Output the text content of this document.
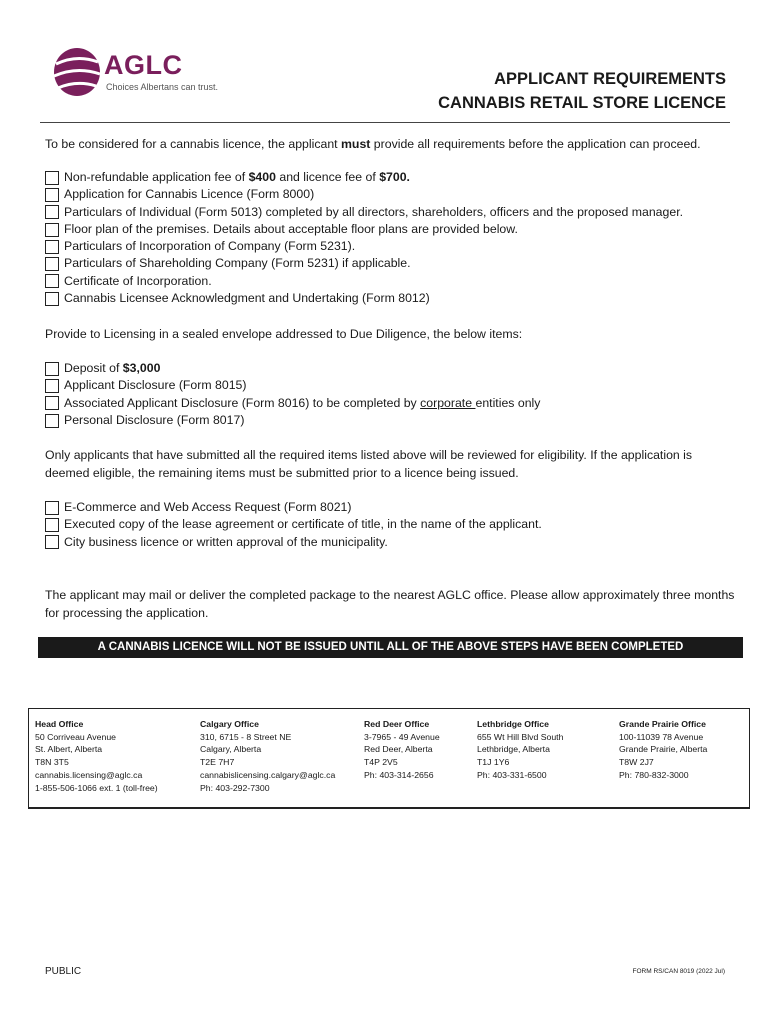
AGLC
Choices Albertans can trust.	APPLICANT REQUIREMENTS
CANNABIS RETAIL STORE LICENCE

To be considered for a cannabis licence, the applicant must provide all requirements before the application can proceed.

Non-refundable application fee of $400 and licence fee of $700.
Application for Cannabis Licence (Form 8000)
Particulars of Individual (Form 5013) completed by all directors, shareholders, officers and the proposed manager.
Floor plan of the premises. Details about acceptable floor plans are provided below.
Particulars of Incorporation of Company (Form 5231).
Particulars of Shareholding Company (Form 5231) if applicable.
Certificate of Incorporation.
Cannabis Licensee Acknowledgment and Undertaking (Form 8012)

Provide to Licensing in a sealed envelope addressed to Due Diligence, the below items:

Deposit of $3,000
Applicant Disclosure (Form 8015)
Associated Applicant Disclosure (Form 8016) to be completed by corporate entities only
Personal Disclosure (Form 8017)

Only applicants that have submitted all the required items listed above will be reviewed for eligibility. If the application is deemed eligible, the remaining items must be submitted prior to a licence being issued.

E-Commerce and Web Access Request (Form 8021)
Executed copy of the lease agreement or certificate of title, in the name of the applicant.
City business licence or written approval of the municipality.

The applicant may mail or deliver the completed package to the nearest AGLC office. Please allow approximately three months for processing the application.

A CANNABIS LICENCE WILL NOT BE ISSUED UNTIL ALL OF THE ABOVE STEPS HAVE BEEN COMPLETED
Head Office
50 Corriveau Avenue
St. Albert, Alberta
T8N 3T5
cannabis.licensing@aglc.ca
1-855-506-1066 ext. 1 (toll-free)
Calgary Office
310, 6715 - 8 Street NE
Calgary, Alberta
T2E 7H7
cannabislicensing.calgary@aglc.ca
Ph: 403-292-7300
Red Deer Office
3-7965 - 49 Avenue
Red Deer, Alberta
T4P 2V5
Ph: 403-314-2656
Lethbridge Office
655 Wt Hill Blvd South
Lethbridge, Alberta
T1J 1Y6
Ph: 403-331-6500
Grande Prairie Office
100-11039 78 Avenue
Grande Prairie, Alberta
T8W 2J7
Ph: 780-832-3000
PUBLIC	FORM RS/CAN 8019 (2022 Jul)
